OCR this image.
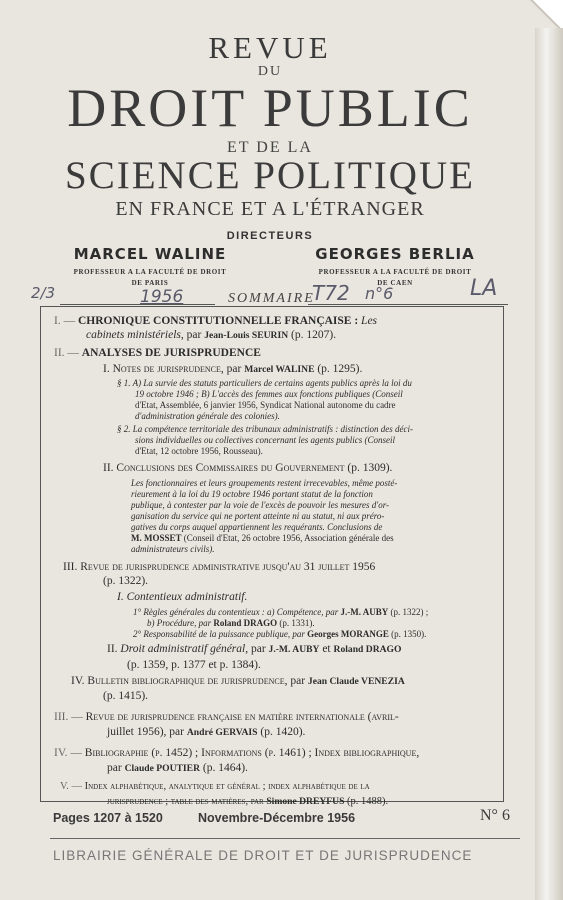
REVUE
DU
DROIT PUBLIC
ET DE LA
SCIENCE POLITIQUE
EN FRANCE ET A L'ÉTRANGER
DIRECTEURS
MARCEL WALINE
PROFESSEUR A LA FACULTÉ DE DROIT
DE PARIS
GEORGES BERLIA
PROFESSEUR A LA FACULTÉ DE DROIT
DE CAEN
2/3	1956	T72 n°6	LA
SOMMAIRE
I. — CHRONIQUE CONSTITUTIONNELLE FRANÇAISE : Les
cabinets ministériels, par Jean-Louis SEURIN (p. 1207).
II. — ANALYSES DE JURISPRUDENCE
I. Notes de jurisprudence, par Marcel WALINE (p. 1295).
§ 1. A) La survie des statuts particuliers de certains agents publics après la loi du
19 octobre 1946 ; B) L'accès des femmes aux fonctions publiques (Conseil
d'Etat, Assemblée, 6 janvier 1956, Syndicat National autonome du cadre
d'administration générale des colonies).
§ 2. La compétence territoriale des tribunaux administratifs : distinction des déci-
sions individuelles ou collectives concernant les agents publics (Conseil
d'Etat, 12 octobre 1956, Rousseau).
II. Conclusions des Commissaires du Gouvernement (p. 1309).
Les fonctionnaires et leurs groupements restent irrecevables, même posté-
rieurement à la loi du 19 octobre 1946 portant statut de la fonction
publique, à contester par la voie de l'excès de pouvoir les mesures d'or-
ganisation du service qui ne portent atteinte ni au statut, ni aux préro-
gatives du corps auquel appartiennent les requérants. Conclusions de
M. MOSSET (Conseil d'Etat, 26 octobre 1956, Association générale des
administrateurs civils).
III. Revue de jurisprudence administrative jusqu'au 31 juillet 1956
(p. 1322).
I. Contentieux administratif.
1° Règles générales du contentieux : a) Compétence, par J.-M. AUBY (p. 1322) ;
b) Procédure, par Roland DRAGO (p. 1331).
2° Responsabilité de la puissance publique, par Georges MORANGE (p. 1350).
II. Droit administratif général, par J.-M. AUBY et Roland DRAGO
(p. 1359, p. 1377 et p. 1384).
IV. Bulletin bibliographique de jurisprudence, par Jean Claude VENEZIA
(p. 1415).
III. — Revue de jurisprudence française en matière internationale (avril-
juillet 1956), par André GERVAIS (p. 1420).
IV. — Bibliographie (p. 1452) ; Informations (p. 1461) ; Index bibliographique,
par Claude POUTIER (p. 1464).
V. — Index alphabétique, analytique et général ; index alphabétique de la
jurisprudence ; table des matières, par Simone DREYFUS (p. 1488).
Pages 1207 à 1520	Novembre-Décembre 1956	N° 6
LIBRAIRIE GÉNÉRALE DE DROIT ET DE JURISPRUDENCE
